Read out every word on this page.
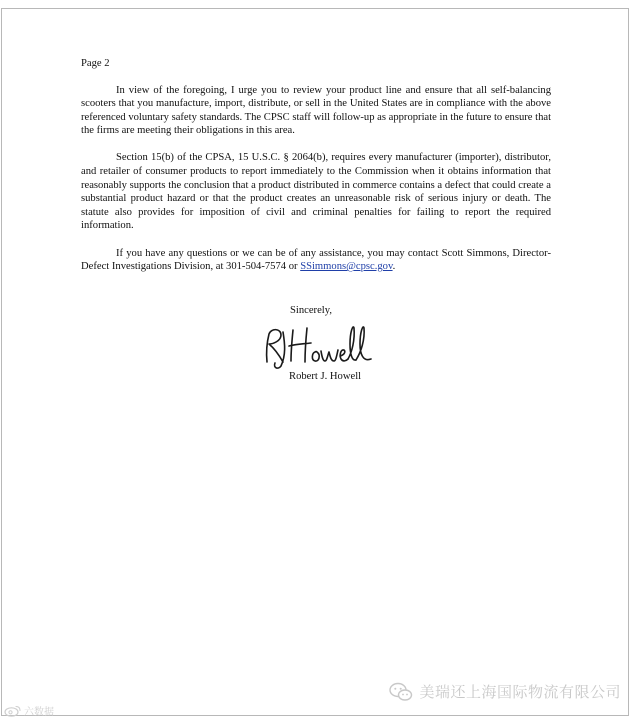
Page 2

In view of the foregoing, I urge you to review your product line and ensure that all self-balancing scooters that you manufacture, import, distribute, or sell in the United States are in compliance with the above referenced voluntary safety standards. The CPSC staff will follow-up as appropriate in the future to ensure that the firms are meeting their obligations in this area.

Section 15(b) of the CPSA, 15 U.S.C. § 2064(b), requires every manufacturer (importer), distributor, and retailer of consumer products to report immediately to the Commission when it obtains information that reasonably supports the conclusion that a product distributed in commerce contains a defect that could create a substantial product hazard or that the product creates an unreasonable risk of serious injury or death. The statute also provides for imposition of civil and criminal penalties for failing to report the required information.

If you have any questions or we can be of any assistance, you may contact Scott Simmons, Director-Defect Investigations Division, at 301-504-7574 or SSimmons@cpsc.gov.

Sincerely,
Robert J. Howell
六数据
美瑞还上海国际物流有限公司
